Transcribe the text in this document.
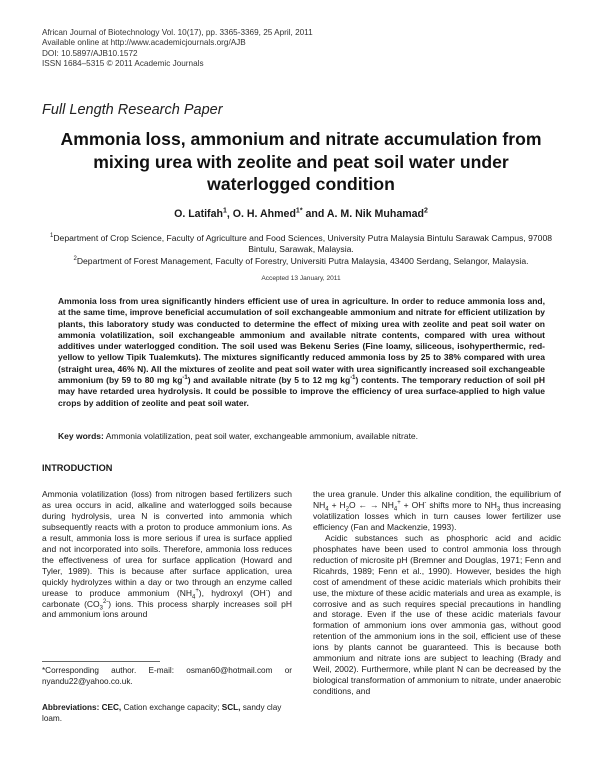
African Journal of Biotechnology Vol. 10(17), pp. 3365-3369, 25 April, 2011
Available online at http://www.academicjournals.org/AJB
DOI: 10.5897/AJB10.1572
ISSN 1684–5315 © 2011 Academic Journals
Full Length Research Paper
Ammonia loss, ammonium and nitrate accumulation from mixing urea with zeolite and peat soil water under waterlogged condition
O. Latifah$^1$, O. H. Ahmed$^{1*}$ and A. M. Nik Muhamad$^2$
$^1$Department of Crop Science, Faculty of Agriculture and Food Sciences, University Putra Malaysia Bintulu Sarawak Campus, 97008 Bintulu, Sarawak, Malaysia.
$^2$Department of Forest Management, Faculty of Forestry, Universiti Putra Malaysia, 43400 Serdang, Selangor, Malaysia.
Accepted 13 January, 2011
Ammonia loss from urea significantly hinders efficient use of urea in agriculture. In order to reduce ammonia loss and, at the same time, improve beneficial accumulation of soil exchangeable ammonium and nitrate for efficient utilization by plants, this laboratory study was conducted to determine the effect of mixing urea with zeolite and peat soil water on ammonia volatilization, soil exchangeable ammonium and available nitrate contents, compared with urea without additives under waterlogged condition. The soil used was Bekenu Series (Fine loamy, siliceous, isohyperthermic, red-yellow to yellow Tipik Tualemkuts). The mixtures significantly reduced ammonia loss by 25 to 38% compared with urea (straight urea, 46% N). All the mixtures of zeolite and peat soil water with urea significantly increased soil exchangeable ammonium (by 59 to 80 mg $kg^{-1}$) and available nitrate (by 5 to 12 mg $kg^{-1}$) contents. The temporary reduction of soil pH may have retarded urea hydrolysis. It could be possible to improve the efficiency of urea surface-applied to high value crops by addition of zeolite and peat soil water.
Key words: Ammonia volatilization, peat soil water, exchangeable ammonium, available nitrate.
INTRODUCTION

Ammonia volatilization (loss) from nitrogen based fertilizers such as urea occurs in acid, alkaline and waterlogged soils because during hydrolysis, urea N is converted into ammonia which subsequently reacts with a proton to produce ammonium ions. As a result, ammonia loss is more serious if urea is surface applied and not incorporated into soils. Therefore, ammonia loss reduces the effectiveness of urea for surface application (Howard and Tyler, 1989). This is because after surface application, urea quickly hydrolyzes within a day or two through an enzyme called urease to produce ammonium $(NH_4^+)$, hydroxyl (OH-) and carbonate $(CO_3^{2-})$ ions. This process sharply increases soil pH and ammonium ions around

the urea granule. Under this alkaline condition, the equilibrium of $NH_4 + H_2O$ ← → $NH_4^+ + OH^-$ shifts more to $NH_3$ thus increasing volatilization losses which in turn causes lower fertilizer use efficiency (Fan and Mackenzie, 1993).

Acidic substances such as phosphoric acid and acidic phosphates have been used to control ammonia loss through reduction of microsite pH (Bremner and Douglas, 1971; Fenn and Ricahrds, 1989; Fenn et al., 1990). However, besides the high cost of amendment of these acidic materials which prohibits their use, the mixture of these acidic materials and urea as example, is corrosive and as such requires special precautions in handling and storage. Even if the use of these acidic materials favour formation of ammonium ions over ammonia gas, without good retention of the ammonium ions in the soil, efficient use of these ions by plants cannot be guaranteed. This is because both ammonium and nitrate ions are subject to leaching (Brady and Weil, 2002). Furthermore, while plant N can be decreased by the biological transformation of ammonium to nitrate, under anaerobic conditions, and

*Corresponding author. E-mail: osman60@hotmail.com or nyandu22@yahoo.co.uk.
Abbreviations: CEC, Cation exchange capacity; SCL, sandy clay loam.
